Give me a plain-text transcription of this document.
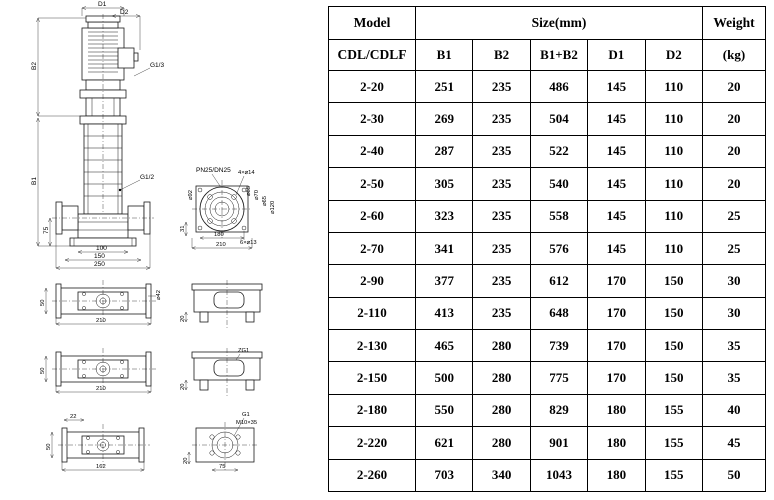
G1/3
G1/2
D1
D2
B2
B1
75
100
150
250
PN25/DN25 4×⌀14
⌀85 ⌀70
⌀65 ⌀120
⌀92
31
6×⌀13
180
210
50
⌀42
210	20
50
210
ZG1
20
22
50
162
G1
M10×35
75
20
Model	Size(mm)					Weight
CDL/CDLF	B1	B2	B1+B2	D1	D2	(kg)
2-20	251	235	486	145	110	20
2-30	269	235	504	145	110	20
2-40	287	235	522	145	110	20
2-50	305	235	540	145	110	20
2-60	323	235	558	145	110	25
2-70	341	235	576	145	110	25
2-90	377	235	612	170	150	30
2-110	413	235	648	170	150	30
2-130	465	280	739	170	150	35
2-150	500	280	775	170	150	35
2-180	550	280	829	180	155	40
2-220	621	280	901	180	155	45
2-260	703	340	1043	180	155	50
